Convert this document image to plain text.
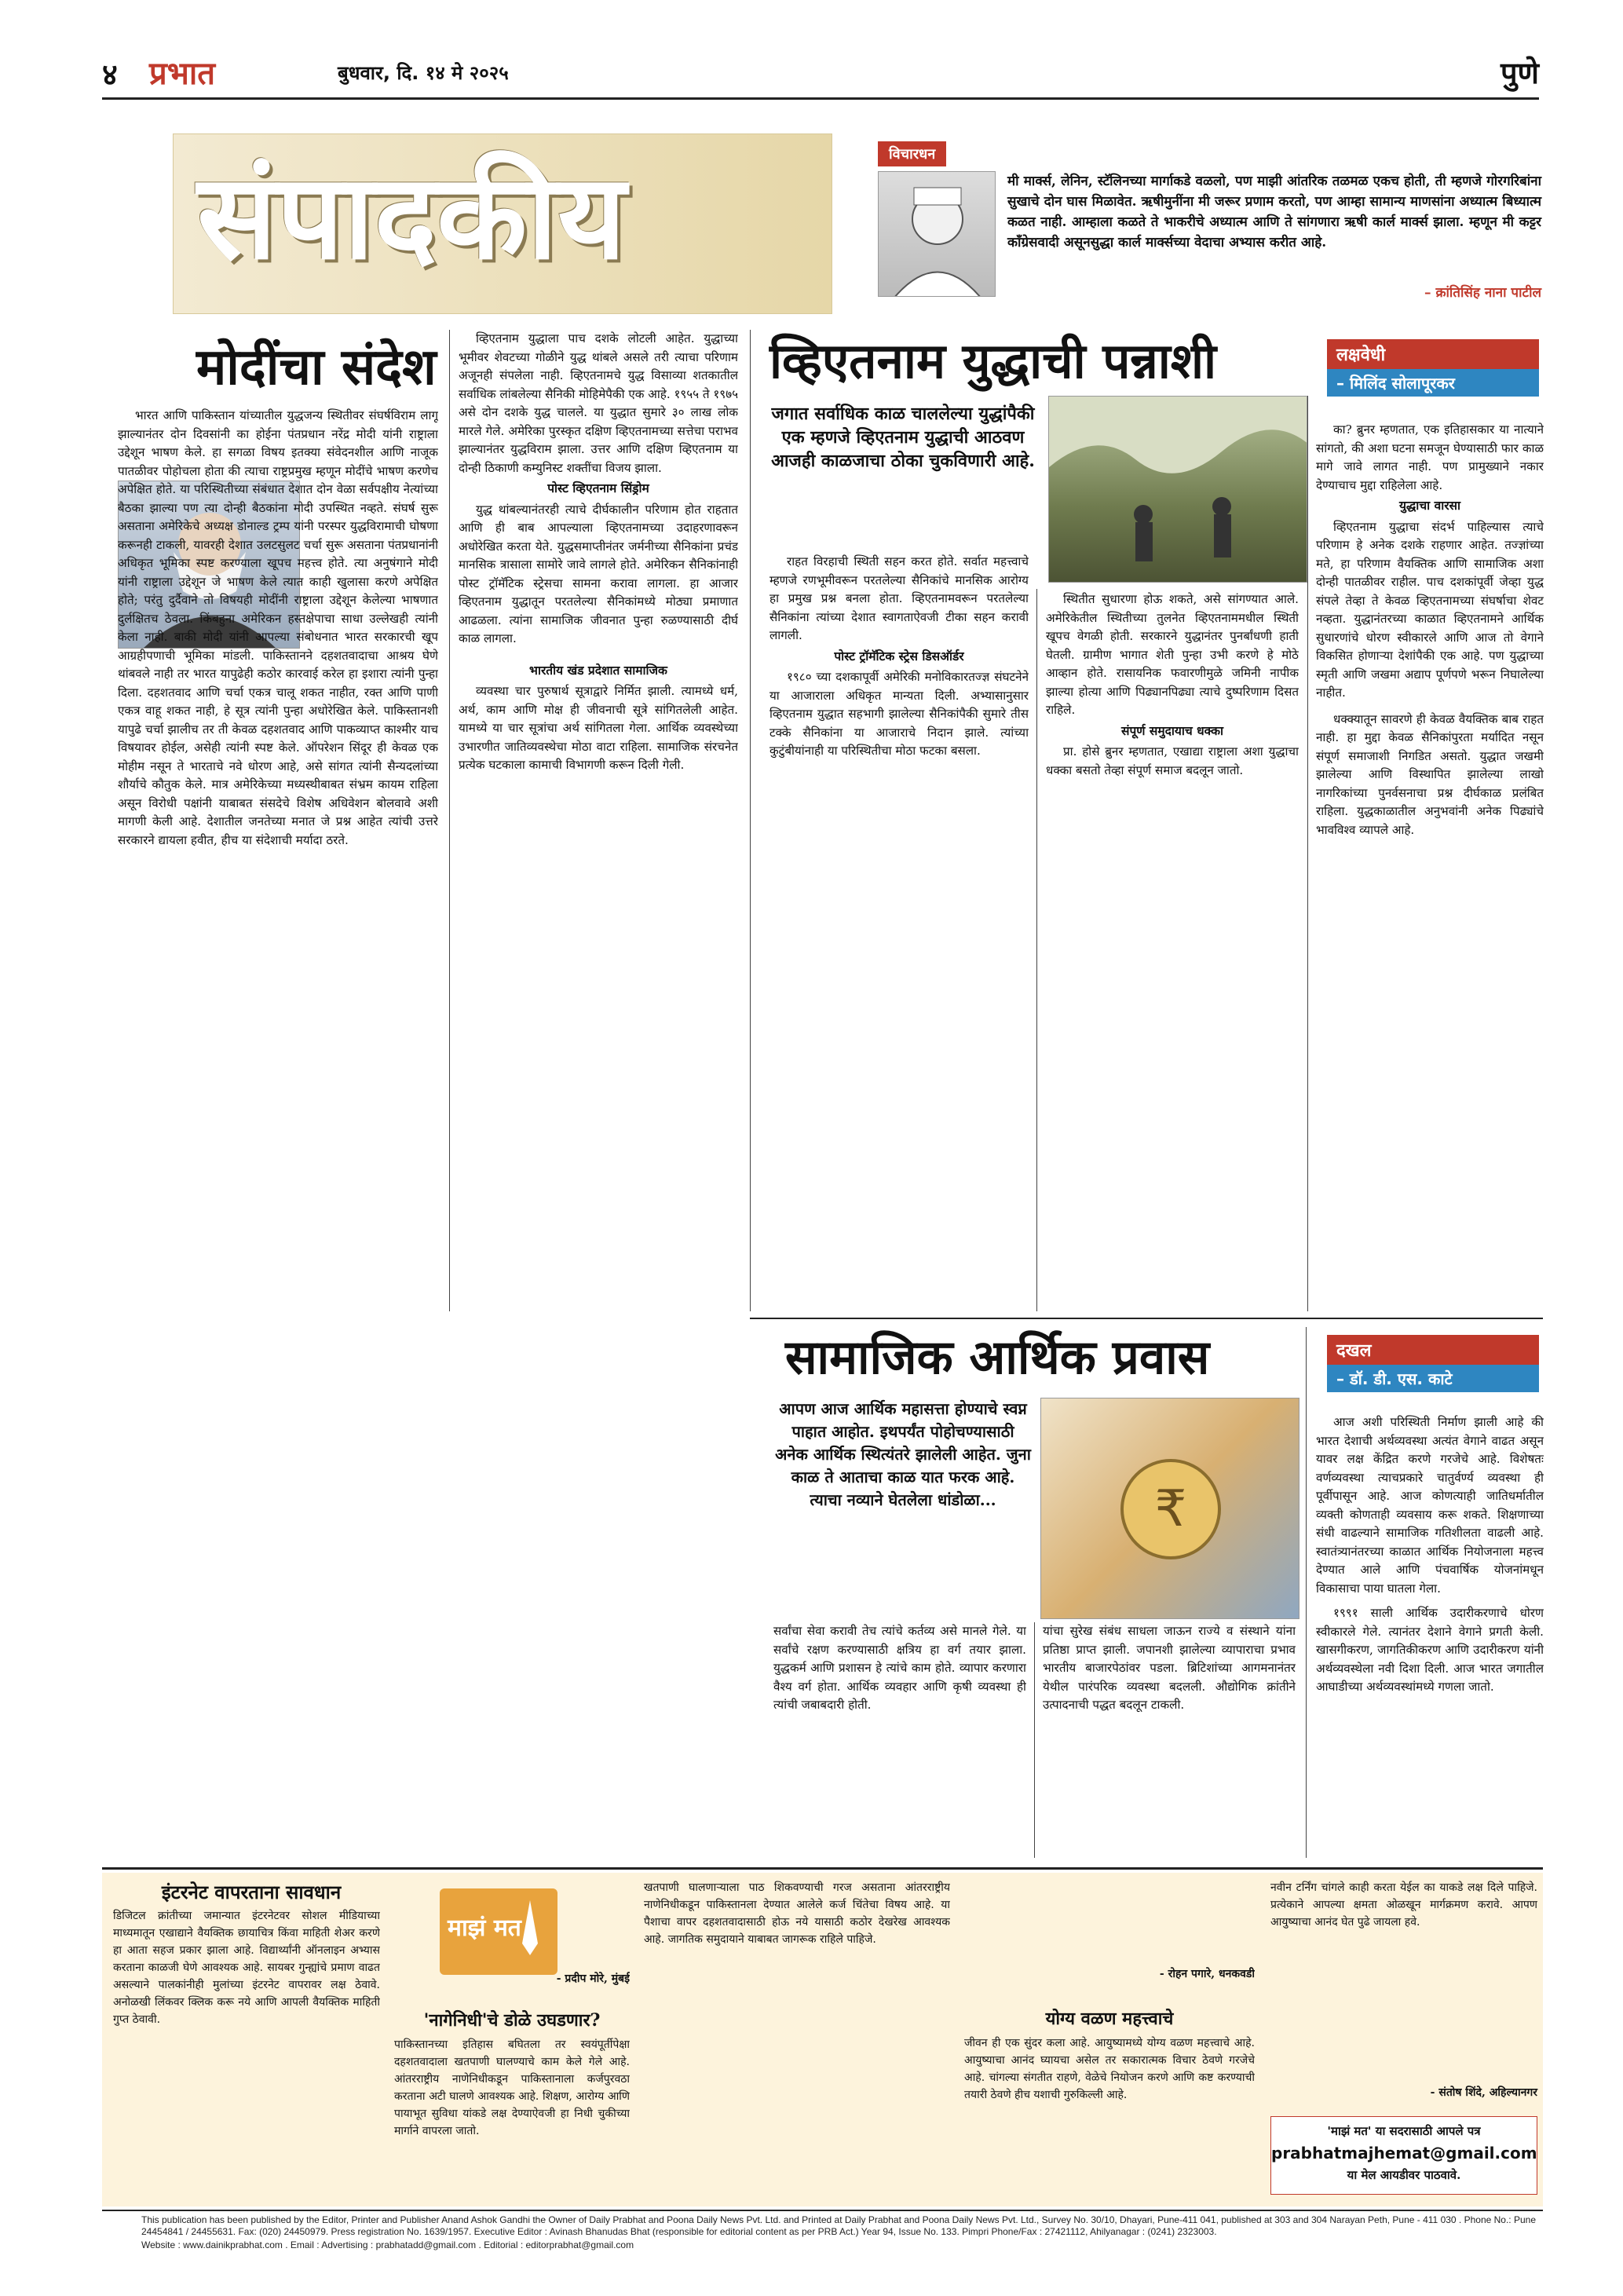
४ प्रभात	बुधवार, दि. १४ मे २०२५	पुणे
संपादकीय	विचारधन
मी मार्क्स, लेनिन, स्टॅलिनच्या मार्गाकडे वळलो, पण माझी आंतरिक तळमळ एकच होती, ती म्हणजे गोरगरिबांना सुखाचे दोन घास मिळावेत. ऋषीमुनींना मी जरूर प्रणाम करतो, पण आम्हा सामान्य माणसांना अध्यात्म बिध्यात्म कळत नाही. आम्हाला कळते ते भाकरीचे अध्यात्म आणि ते सांगणारा ऋषी कार्ल मार्क्स झाला. म्हणून मी कट्टर कॉंग्रेसवादी असूनसुद्धा कार्ल मार्क्सच्या वेदाचा अभ्यास करीत आहे.
– क्रांतिसिंह नाना पाटील
मोदींचा संदेश
भारत आणि पाकिस्तान यांच्यातील युद्धजन्य स्थितीवर संघर्षविराम लागू झाल्यानंतर दोन दिवसांनी का होईना पंतप्रधान नरेंद्र मोदी यांनी राष्ट्राला उद्देशून भाषण केले. हा सगळा विषय इतक्या संवेदनशील आणि नाजूक पातळीवर पोहोचला होता की त्याचा राष्ट्रप्रमुख म्हणून मोदींचे भाषण करणेच अपेक्षित होते. या परिस्थितीच्या संबंधात देशात दोन वेळा सर्वपक्षीय नेत्यांच्या बैठका झाल्या पण त्या दोन्ही बैठकांना मोदी उपस्थित नव्हते. संघर्ष सुरू असताना अमेरिकेचे अध्यक्ष डोनाल्ड ट्रम्प यांनी परस्पर युद्धविरामाची घोषणा करूनही टाकली, यावरही देशात उलटसुलट चर्चा सुरू असताना पंतप्रधानांनी अधिकृत भूमिका स्पष्ट करण्याला खूपच महत्त्व होते. त्या अनुषंगाने मोदी यांनी राष्ट्राला उद्देशून जे भाषण केले त्यात काही खुलासा करणे अपेक्षित होते; परंतु दुर्दैवाने तो विषयही मोदींनी राष्ट्राला उद्देशून केलेल्या भाषणात दुर्लक्षितच ठेवला. किंबहुना अमेरिकन हस्तक्षेपाचा साधा उल्लेखही त्यांनी केला नाही. बाकी मोदी यांनी आपल्या संबोधनात भारत सरकारची खूप आग्रहीपणाची भूमिका मांडली. पाकिस्तानने दहशतवादाचा आश्रय घेणे थांबवले नाही तर भारत यापुढेही कठोर कारवाई करेल हा इशारा त्यांनी पुन्हा दिला. दहशतवाद आणि चर्चा एकत्र चालू शकत नाहीत, रक्त आणि पाणी एकत्र वाहू शकत नाही, हे सूत्र त्यांनी पुन्हा अधोरेखित केले. पाकिस्तानशी यापुढे चर्चा झालीच तर ती केवळ दहशतवाद आणि पाकव्याप्त काश्मीर याच विषयावर होईल, असेही त्यांनी स्पष्ट केले. ऑपरेशन सिंदूर ही केवळ एक मोहीम नसून ते भारताचे नवे धोरण आहे, असे सांगत त्यांनी सैन्यदलांच्या शौर्याचे कौतुक केले. मात्र अमेरिकेच्या मध्यस्थीबाबत संभ्रम कायम राहिला असून विरोधी पक्षांनी याबाबत संसदेचे विशेष अधिवेशन बोलवावे अशी मागणी केली आहे. देशातील जनतेच्या मनात जे प्रश्न आहेत त्यांची उत्तरे सरकारने द्यायला हवीत, हीच या संदेशाची मर्यादा ठरते.

व्हिएतनाम युद्धाला पाच दशके लोटली आहेत. युद्धाच्या भूमीवर शेवटच्या गोळीने युद्ध थांबले असले तरी त्याचा परिणाम अजूनही संपलेला नाही. व्हिएतनामचे युद्ध विसाव्या शतकातील सर्वाधिक लांबलेल्या सैनिकी मोहिमेपैकी एक आहे. १९५५ ते १९७५ असे दोन दशके युद्ध चालले. या युद्धात सुमारे ३० लाख लोक मारले गेले. अमेरिका पुरस्कृत दक्षिण व्हिएतनामच्या सत्तेचा पराभव झाल्यानंतर युद्धविराम झाला. उत्तर आणि दक्षिण व्हिएतनाम या दोन्ही ठिकाणी कम्युनिस्ट शक्तींचा विजय झाला.

पोस्ट व्हिएतनाम सिंड्रोम

युद्ध थांबल्यानंतरही त्याचे दीर्घकालीन परिणाम होत राहतात आणि ही बाब आपल्याला व्हिएतनामच्या उदाहरणावरून अधोरेखित करता येते. युद्धसमाप्तीनंतर जर्मनीच्या सैनिकांना प्रचंड मानसिक त्रासाला सामोरे जावे लागले होते. अमेरिकन सैनिकांनाही पोस्ट ट्रॉमॅटिक स्ट्रेसचा सामना करावा लागला. हा आजार व्हिएतनाम युद्धातून परतलेल्या सैनिकांमध्ये मोठ्या प्रमाणात आढळला. त्यांना सामाजिक जीवनात पुन्हा रुळण्यासाठी दीर्घ काळ लागला.

भारतीय खंड प्रदेशात सामाजिक

व्यवस्था चार पुरुषार्थ सूत्राद्वारे निर्मित झाली. त्यामध्ये धर्म, अर्थ, काम आणि मोक्ष ही जीवनाची सूत्रे सांगितलेली आहेत. यामध्ये या चार सूत्रांचा अर्थ सांगितला गेला. आर्थिक व्यवस्थेच्या उभारणीत जातिव्यवस्थेचा मोठा वाटा राहिला. सामाजिक संरचनेत प्रत्येक घटकाला कामाची विभागणी करून दिली गेली.

व्हिएतनाम युद्धाची पन्नाशी
जगात सर्वाधिक काळ चाललेल्या युद्धांपैकी एक म्हणजे व्हिएतनाम युद्धाची आठवण आजही काळजाचा ठोका चुकविणारी आहे.

राहत विरहाची स्थिती सहन करत होते. सर्वात महत्त्वाचे म्हणजे रणभूमीवरून परतलेल्या सैनिकांचे मानसिक आरोग्य हा प्रमुख प्रश्न बनला होता. व्हिएतनामवरून परतलेल्या सैनिकांना त्यांच्या देशात स्वागताऐवजी टीका सहन करावी लागली.

पोस्ट ट्रॉमॅटिक स्ट्रेस डिसऑर्डर

१९८० च्या दशकापूर्वी अमेरिकी मनोविकारतज्ज्ञ संघटनेने या आजाराला अधिकृत मान्यता दिली. अभ्यासानुसार व्हिएतनाम युद्धात सहभागी झालेल्या सैनिकांपैकी सुमारे तीस टक्के सैनिकांना या आजाराचे निदान झाले. त्यांच्या कुटुंबीयांनाही या परिस्थितीचा मोठा फटका बसला.

स्थितीत सुधारणा होऊ शकते, असे सांगण्यात आले. अमेरिकेतील स्थितीच्या तुलनेत व्हिएतनाममधील स्थिती खूपच वेगळी होती. सरकारने युद्धानंतर पुनर्बांधणी हाती घेतली. ग्रामीण भागात शेती पुन्हा उभी करणे हे मोठे आव्हान होते. रासायनिक फवारणीमुळे जमिनी नापीक झाल्या होत्या आणि पिढ्यानपिढ्या त्याचे दुष्परिणाम दिसत राहिले.

संपूर्ण समुदायाच धक्का

प्रा. होसे ब्रुनर म्हणतात, एखाद्या राष्ट्राला अशा युद्धाचा धक्का बसतो तेव्हा संपूर्ण समाज बदलून जातो.

लक्षवेधी
– मिलिंद सोलापूरकर

का? ब्रुनर म्हणतात, एक इतिहासकार या नात्याने सांगतो, की अशा घटना समजून घेण्यासाठी फार काळ मागे जावे लागत नाही. पण प्रामुख्याने नकार देण्याचाच मुद्दा राहिलेला आहे.

युद्धाचा वारसा

व्हिएतनाम युद्धाचा संदर्भ पाहिल्यास त्याचे परिणाम हे अनेक दशके राहणार आहेत. तज्ज्ञांच्या मते, हा परिणाम वैयक्तिक आणि सामाजिक अशा दोन्ही पातळीवर राहील. पाच दशकांपूर्वी जेव्हा युद्ध संपले तेव्हा ते केवळ व्हिएतनामच्या संघर्षाचा शेवट नव्हता. युद्धानंतरच्या काळात व्हिएतनामने आर्थिक सुधारणांचे धोरण स्वीकारले आणि आज तो वेगाने विकसित होणाऱ्या देशांपैकी एक आहे. पण युद्धाच्या स्मृती आणि जखमा अद्याप पूर्णपणे भरून निघालेल्या नाहीत.

धक्क्यातून सावरणे ही केवळ वैयक्तिक बाब राहत नाही. हा मुद्दा केवळ सैनिकांपुरता मर्यादित नसून संपूर्ण समाजाशी निगडित असतो. युद्धात जखमी झालेल्या आणि विस्थापित झालेल्या लाखो नागरिकांच्या पुनर्वसनाचा प्रश्न दीर्घकाळ प्रलंबित राहिला. युद्धकाळातील अनुभवांनी अनेक पिढ्यांचे भावविश्व व्यापले आहे.

सामाजिक आर्थिक प्रवास
आपण आज आर्थिक महासत्ता होण्याचे स्वप्न पाहात आहोत. इथपर्यंत पोहोचण्यासाठी अनेक आर्थिक स्थित्यंतरे झालेली आहेत. जुना काळ ते आताचा काळ यात फरक आहे. त्याचा नव्याने घेतलेला धांडोळा...	₹
सर्वांचा सेवा करावी तेच त्यांचे कर्तव्य असे मानले गेले. या सर्वांचे रक्षण करण्यासाठी क्षत्रिय हा वर्ग तयार झाला. युद्धकर्म आणि प्रशासन हे त्यांचे काम होते. व्यापार करणारा वैश्य वर्ग होता. आर्थिक व्यवहार आणि कृषी व्यवस्था ही त्यांची जबाबदारी होती.
यांचा सुरेख संबंध साधला जाऊन राज्ये व संस्थाने यांना प्रतिष्ठा प्राप्त झाली. जपानशी झालेल्या व्यापाराचा प्रभाव भारतीय बाजारपेठांवर पडला. ब्रिटिशांच्या आगमनानंतर येथील पारंपरिक व्यवस्था बदलली. औद्योगिक क्रांतीने उत्पादनाची पद्धत बदलून टाकली.
दखल
– डॉ. डी. एस. काटे

आज अशी परिस्थिती निर्माण झाली आहे की भारत देशाची अर्थव्यवस्था अत्यंत वेगाने वाढत असून यावर लक्ष केंद्रित करणे गरजेचे आहे. विशेषतः वर्णव्यवस्था त्याचप्रकारे चातुर्वर्ण्य व्यवस्था ही पूर्वीपासून आहे. आज कोणत्याही जातिधर्मातील व्यक्ती कोणताही व्यवसाय करू शकते. शिक्षणाच्या संधी वाढल्याने सामाजिक गतिशीलता वाढली आहे. स्वातंत्र्यानंतरच्या काळात आर्थिक नियोजनाला महत्त्व देण्यात आले आणि पंचवार्षिक योजनांमधून विकासाचा पाया घातला गेला.

१९९१ साली आर्थिक उदारीकरणाचे धोरण स्वीकारले गेले. त्यानंतर देशाने वेगाने प्रगती केली. खासगीकरण, जागतिकीकरण आणि उदारीकरण यांनी अर्थव्यवस्थेला नवी दिशा दिली. आज भारत जगातील आघाडीच्या अर्थव्यवस्थांमध्ये गणला जातो.

इंटरनेट वापरताना सावधान
डिजिटल क्रांतीच्या जमान्यात इंटरनेटवर सोशल मीडियाच्या माध्यमातून एखाद्याने वैयक्तिक छायाचित्र किंवा माहिती शेअर करणे हा आता सहज प्रकार झाला आहे. विद्यार्थ्यांनी ऑनलाइन अभ्यास करताना काळजी घेणे आवश्यक आहे. सायबर गुन्ह्यांचे प्रमाण वाढत असल्याने पालकांनीही मुलांच्या इंटरनेट वापरावर लक्ष ठेवावे. अनोळखी लिंकवर क्लिक करू नये आणि आपली वैयक्तिक माहिती गुप्त ठेवावी.
- प्रदीप मोरे, मुंबई
माझं मत
'नागेनिधी'चे डोळे उघडणार?
पाकिस्तानच्या इतिहास बघितला तर स्वयंपूर्तीपेक्षा दहशतवादाला खतपाणी घालण्याचे काम केले गेले आहे. आंतरराष्ट्रीय नाणेनिधीकडून पाकिस्तानाला कर्जपुरवठा करताना अटी घालणे आवश्यक आहे. शिक्षण, आरोग्य आणि पायाभूत सुविधा यांकडे लक्ष देण्याऐवजी हा निधी चुकीच्या मार्गाने वापरला जातो.
खतपाणी घालणाऱ्याला पाठ शिकवण्याची गरज असताना आंतरराष्ट्रीय नाणेनिधीकडून पाकिस्तानला देण्यात आलेले कर्ज चिंतेचा विषय आहे. या पैशाचा वापर दहशतवादासाठी होऊ नये यासाठी कठोर देखरेख आवश्यक आहे. जागतिक समुदायाने याबाबत जागरूक राहिले पाहिजे.
- रोहन पगारे, धनकवडी
योग्य वळण महत्त्वाचे
जीवन ही एक सुंदर कला आहे. आयुष्यामध्ये योग्य वळण महत्त्वाचे आहे. आयुष्याचा आनंद घ्यायचा असेल तर सकारात्मक विचार ठेवणे गरजेचे आहे. चांगल्या संगतीत राहणे, वेळेचे नियोजन करणे आणि कष्ट करण्याची तयारी ठेवणे हीच यशाची गुरुकिल्ली आहे.
नवीन टर्निंग चांगले काही करता येईल का याकडे लक्ष दिले पाहिजे. प्रत्येकाने आपल्या क्षमता ओळखून मार्गक्रमण करावे. आपण आयुष्याचा आनंद घेत पुढे जायला हवे.
- संतोष शिंदे, अहिल्यानगर
'माझं मत' या सदरासाठी आपले पत्र
prabhatmajhemat@gmail.com
या मेल आयडीवर पाठवावे.
This publication has been published by the Editor, Printer and Publisher Anand Ashok Gandhi the Owner of Daily Prabhat and Poona Daily News Pvt. Ltd. and Printed at Daily Prabhat and Poona Daily News Pvt. Ltd., Survey No. 30/10, Dhayari, Pune-411 041, published at 303 and 304 Narayan Peth, Pune - 411 030 . Phone No.: Pune 24454841 / 24455631. Fax: (020) 24450979. Press registration No. 1639/1957. Executive Editor : Avinash Bhanudas Bhat (responsible for editorial content as per PRB Act.) Year 94, Issue No. 133. Pimpri Phone/Fax : 27421112, Ahilyanagar : (0241) 2323003.
Website : www.dainikprabhat.com . Email : Advertising : prabhatadd@gmail.com . Editorial : editorprabhat@gmail.com
